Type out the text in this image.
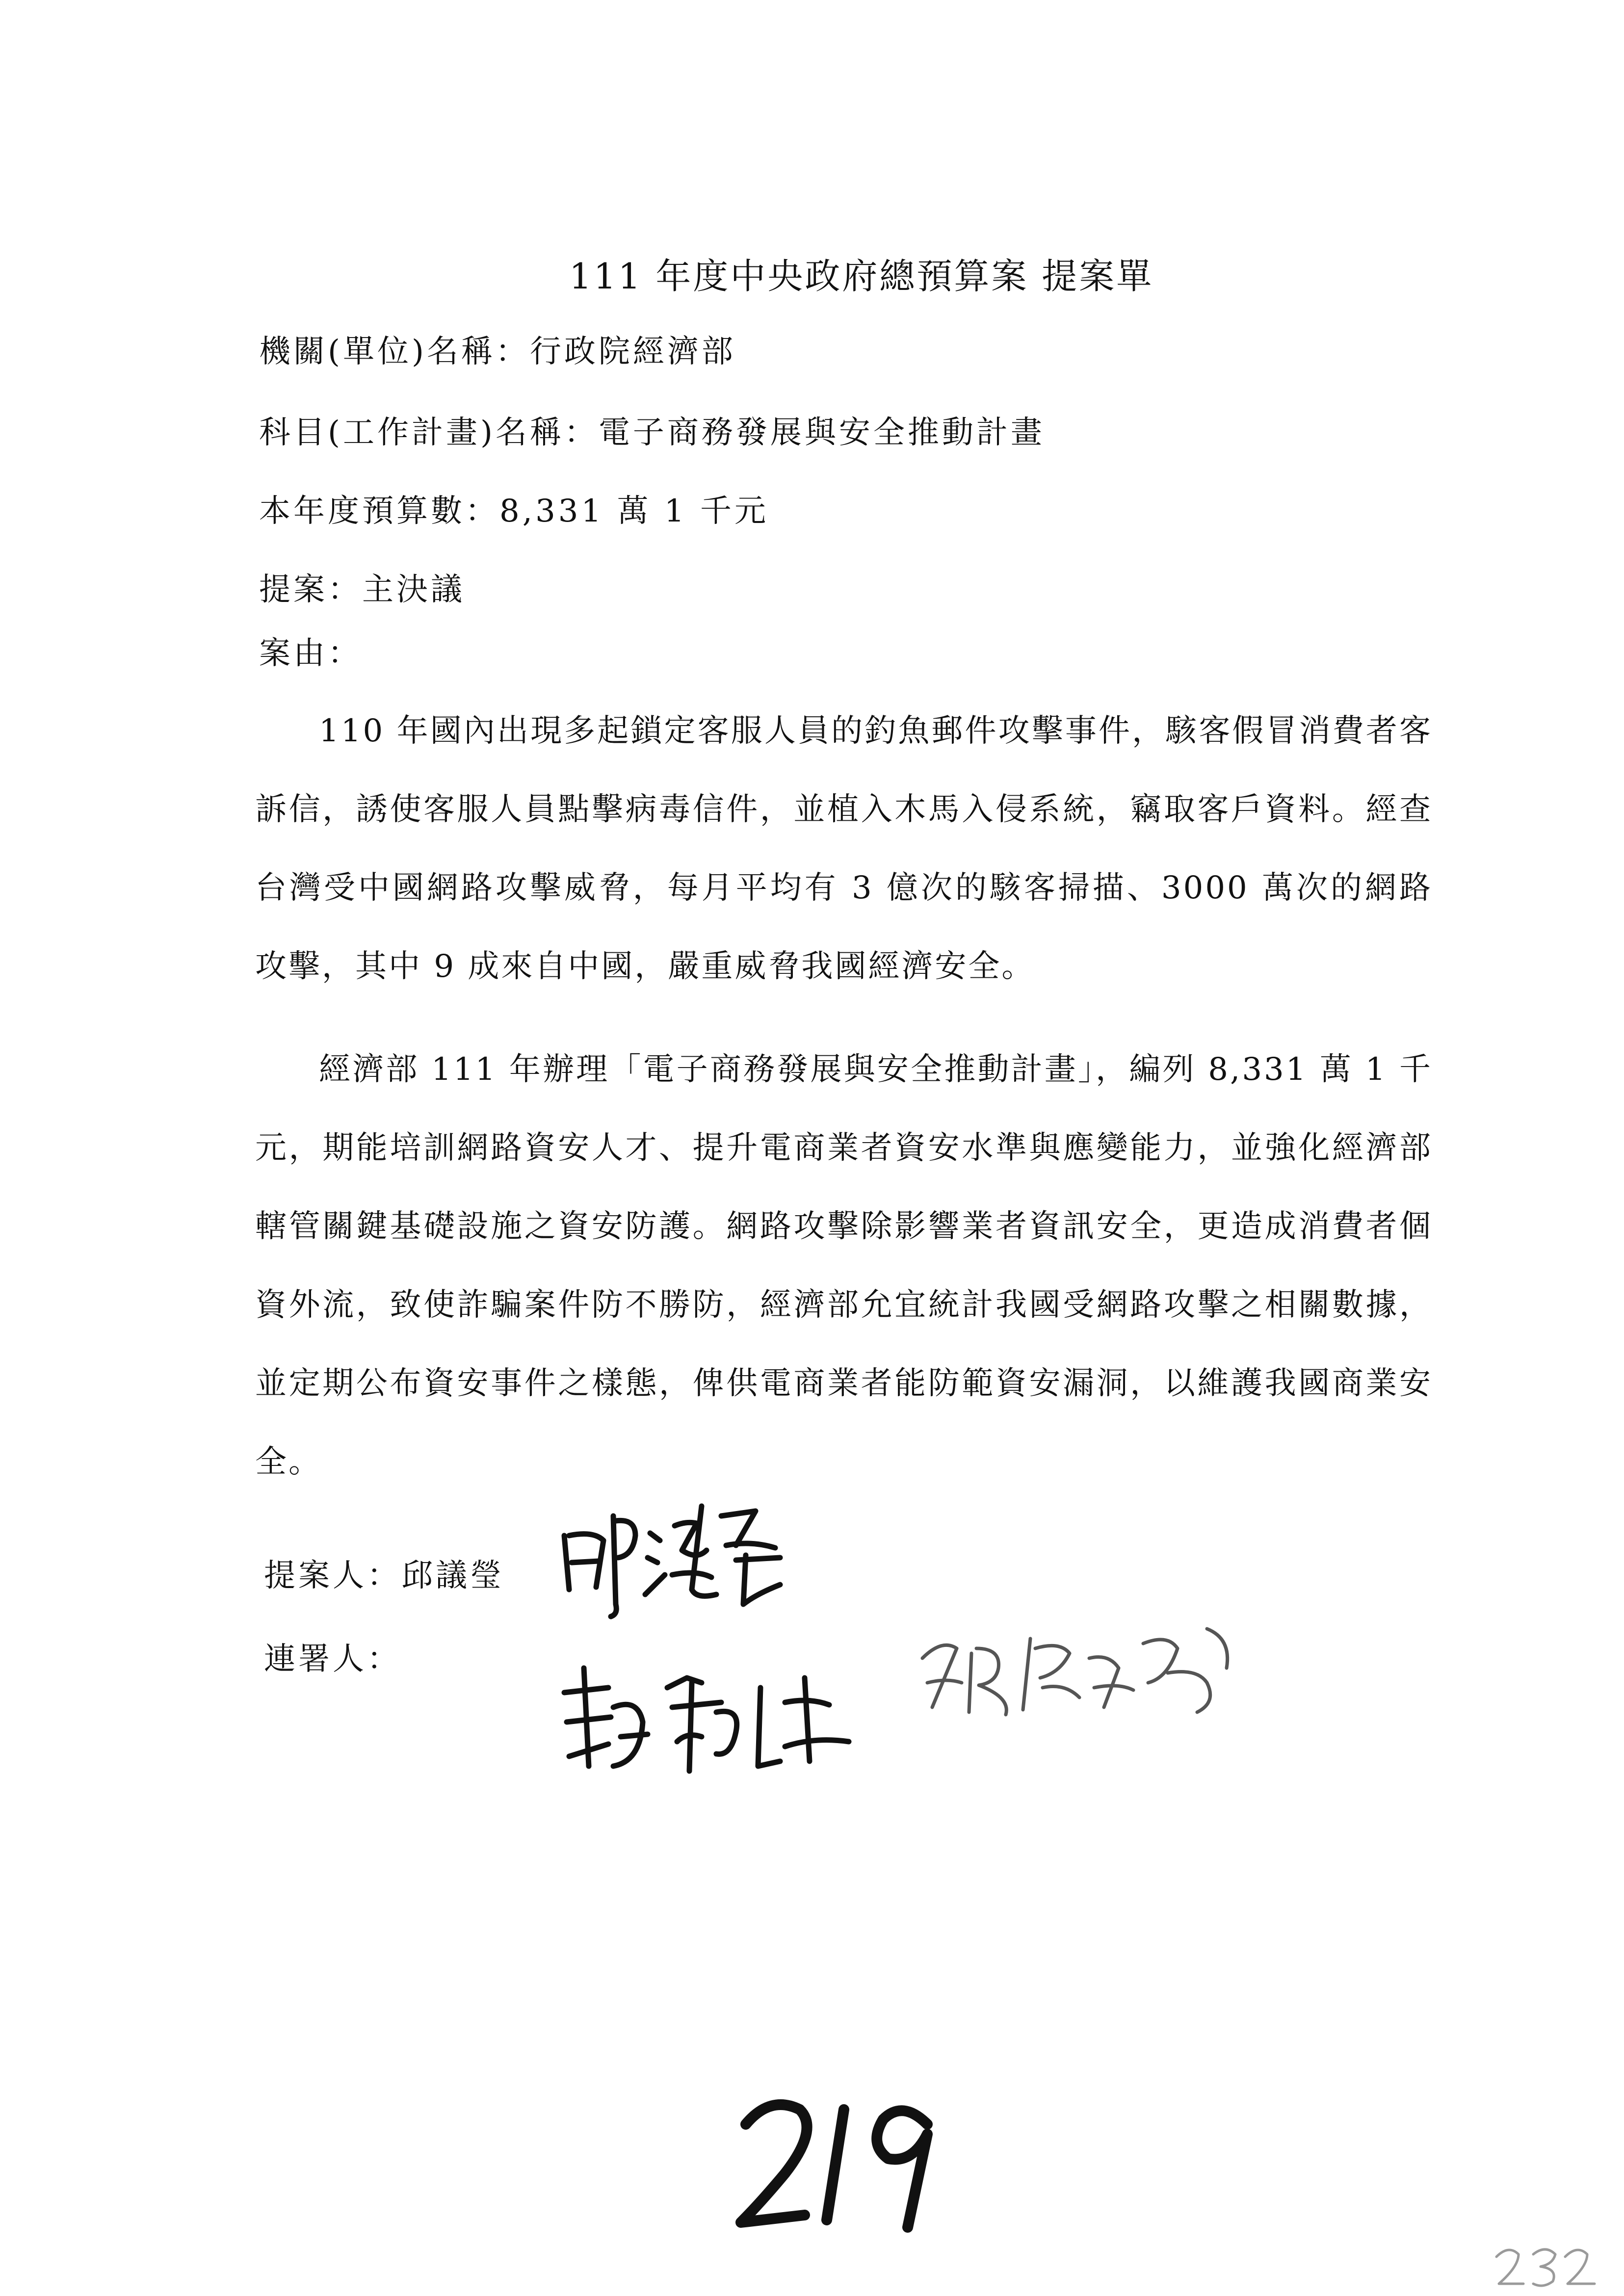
111 年度中央政府總預算案 提案單
機關(單位)名稱：行政院經濟部
科目(工作計畫)名稱：電子商務發展與安全推動計畫
本年度預算數：8,331 萬 1 千元
提案：主決議
案由：

110 年國內出現多起鎖定客服人員的釣魚郵件攻擊事件，駭客假冒消費者客訴信，誘使客服人員點擊病毒信件，並植入木馬入侵系統，竊取客戶資料。經查台灣受中國網路攻擊威脅，每月平均有 3 億次的駭客掃描、3000 萬次的網路攻擊，其中 9 成來自中國，嚴重威脅我國經濟安全。

經濟部 111 年辦理「電子商務發展與安全推動計畫」，編列 8,331 萬 1 千元，期能培訓網路資安人才、提升電商業者資安水準與應變能力，並強化經濟部轄管關鍵基礎設施之資安防護。網路攻擊除影響業者資訊安全，更造成消費者個資外流，致使詐騙案件防不勝防，經濟部允宜統計我國受網路攻擊之相關數據，並定期公布資安事件之樣態，俾供電商業者能防範資安漏洞，以維護我國商業安全。

提案人：邱議瑩
連署人：
